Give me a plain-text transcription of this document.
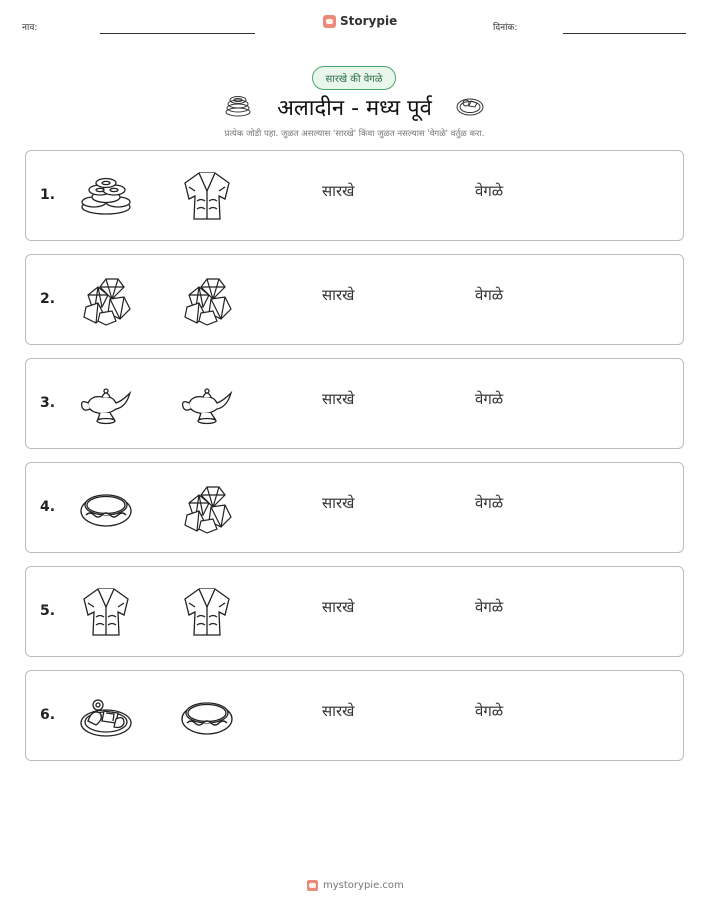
नाव:	Storypie	दिनांक:
सारखे की वेगळे
अलादीन - मध्य पूर्व
प्रत्येक जोडी पहा. जुळत असल्यास 'सारखे' किंवा जुळत नसल्यास 'वेगळे' वर्तुळ करा.
1.	सारखे	वेगळे
2.	सारखे	वेगळे
3.	सारखे	वेगळे
4.	सारखे	वेगळे
5.	सारखे	वेगळे
6.	सारखे	वेगळे
mystorypie.com
